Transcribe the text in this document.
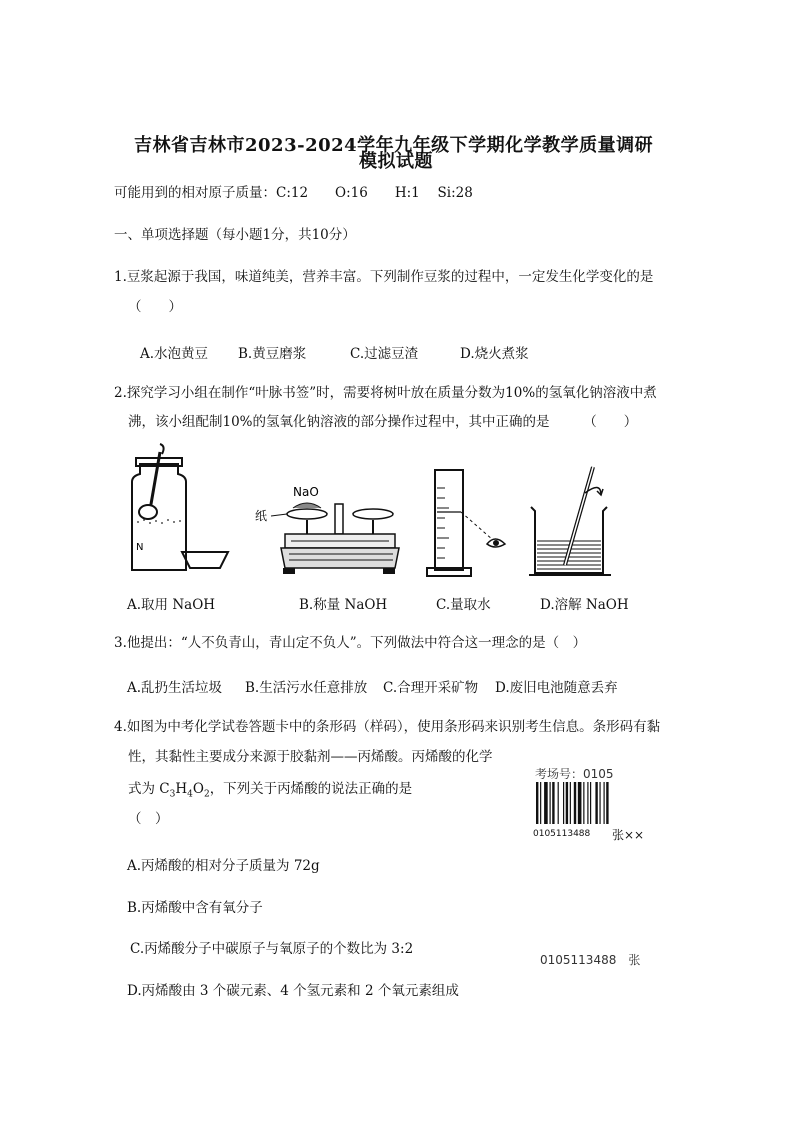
吉林省吉林市2023-2024学年九年级下学期化学教学质量调研
模拟试题
可能用到的相对原子质量：C:12　　O:16　　H:1　 Si:28
一、单项选择题（每小题1分，共10分）
1.豆浆起源于我国，味道纯美，营养丰富。下列制作豆浆的过程中，一定发生化学变化的是
（　　）
A.水泡黄豆 B.黄豆磨浆	C.过滤豆渣	D.烧火煮浆
2.探究学习小组在制作“叶脉书签”时，需要将树叶放在质量分数为10%的氢氧化钠溶液中煮
沸，该小组配制10%的氢氧化钠溶液的部分操作过程中，其中正确的是　　　（　　）
N
NaO
纸
A.取用 NaOH	B.称量 NaOH	C.量取水	D.溶解 NaOH
3.他提出：“人不负青山，青山定不负人”。下列做法中符合这一理念的是（　）
A.乱扔生活垃圾 B.生活污水任意排放 C.合理开采矿物 D.废旧电池随意丢弃
4.如图为中考化学试卷答题卡中的条形码（样码），使用条形码来识别考生信息。条形码有黏
性，其黏性主要成分来源于胶黏剂——丙烯酸。丙烯酸的化学
式为 $C_3H_4O_2$，下列关于丙烯酸的说法正确的是
（　）
考场号：0105
0105113488 张××
A.丙烯酸的相对分子质量为 72g
B.丙烯酸中含有氧分子
C.丙烯酸分子中碳原子与氧原子的个数比为 3:2
0105113488　张
D.丙烯酸由 3 个碳元素、4 个氢元素和 2 个氧元素组成
